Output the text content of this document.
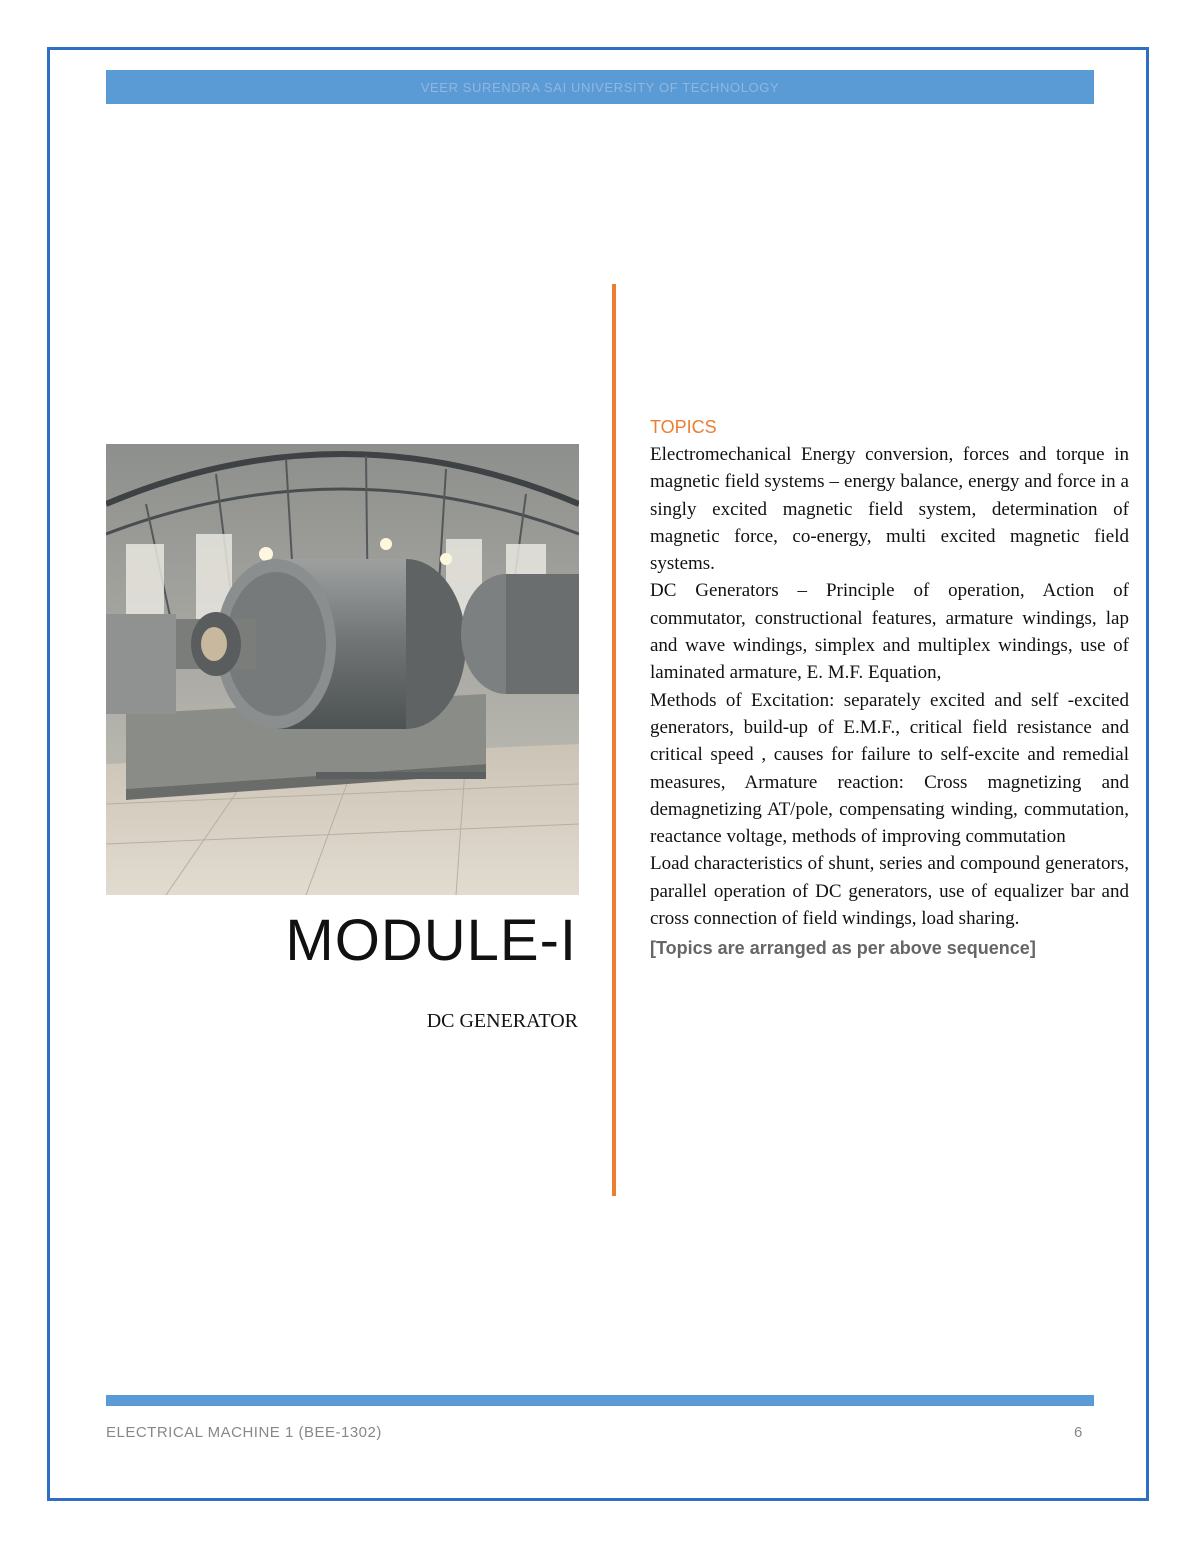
VEER SURENDRA SAI UNIVERSITY OF TECHNOLOGY
MODULE-I
DC GENERATOR
TOPICS

Electromechanical Energy conversion, forces and torque in magnetic field systems – energy balance, energy and force in a singly excited magnetic field system, determination of magnetic force, co-energy, multi excited magnetic field systems.

DC Generators – Principle of operation, Action of commutator, constructional features, armature windings, lap and wave windings, simplex and multiplex windings, use of laminated armature, E. M.F. Equation,

Methods of Excitation: separately excited and self -excited generators, build-up of E.M.F., critical field resistance and critical speed , causes for failure to self-excite and remedial measures, Armature reaction: Cross magnetizing and demagnetizing AT/pole, compensating winding, commutation, reactance voltage, methods of improving commutation

Load characteristics of shunt, series and compound generators, parallel operation of DC generators, use of equalizer bar and cross connection of field windings, load sharing.

[Topics are arranged as per above sequence]

ELECTRICAL MACHINE 1 (BEE-1302)	6
